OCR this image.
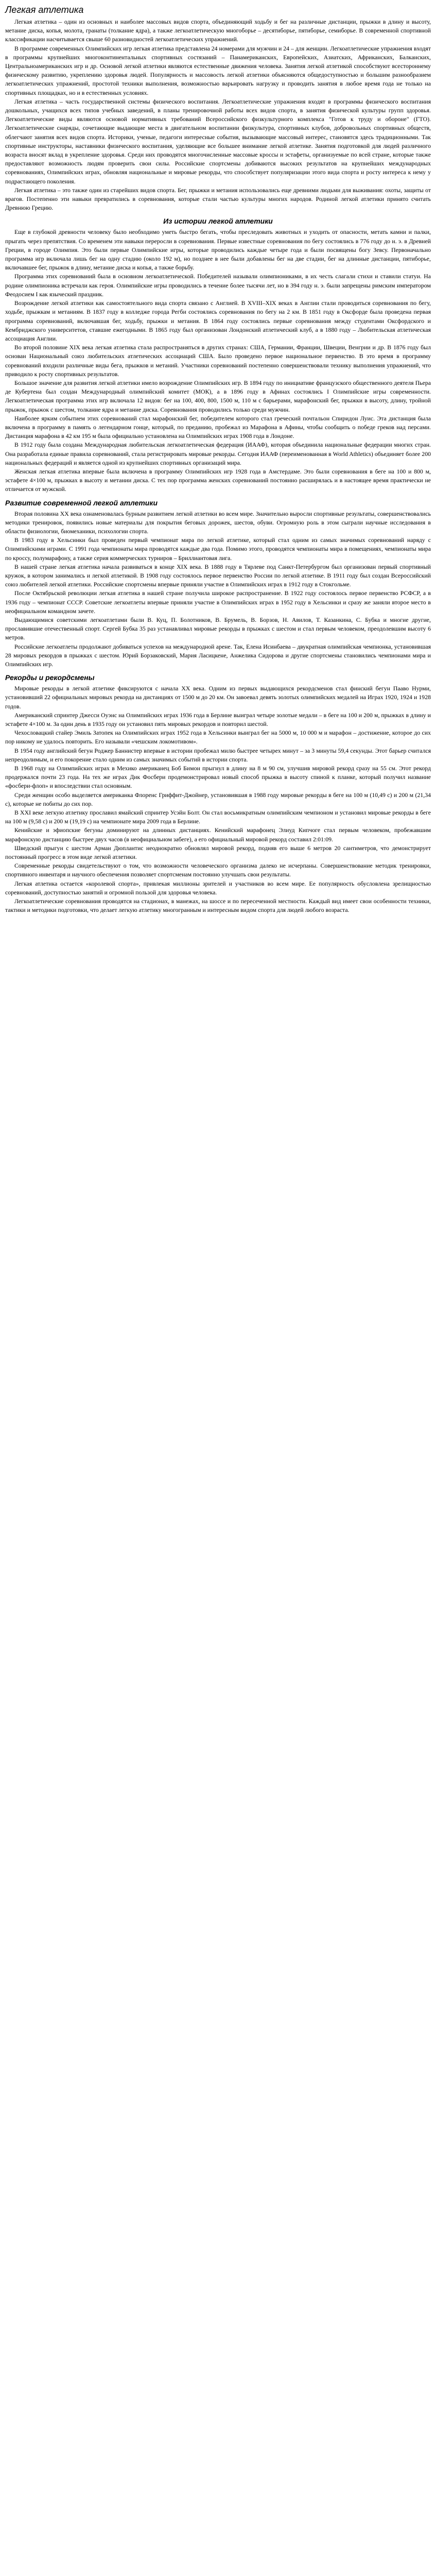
Легкая атлетика

Легкая атлетика – один из основных и наиболее массовых видов спорта, объединяющий ходьбу и бег на различные дистанции, прыжки в длину и высоту, метание диска, копья, молота, гранаты (толкание ядра), а также легкоатлетическую многоборье – десятиборье, пятиборье, семиборье. В современной спортивной классификации насчитывается свыше 60 разновидностей легкоатлетических упражнений.

В программе современных Олимпийских игр легкая атлетика представлена 24 номерами для мужчин и 24 – для женщин. Легкоатлетические упражнения входят в программы крупнейших многоконтинентальных спортивных состязаний – Панамериканских, Европейских, Азиатских, Африканских, Балканских, Центральноамериканских игр и др. Основой легкой атлетики являются естественные движения человека. Занятия легкой атлетикой способствуют всестороннему физическому развитию, укреплению здоровья людей. Популярность и массовость легкой атлетики объясняются общедоступностью и большим разнообразием легкоатлетических упражнений, простотой техники выполнения, возможностью варьировать нагрузку и проводить занятия в любое время года не только на спортивных площадках, но и в естественных условиях.

Легкая атлетика – часть государственной системы физического воспитания. Легкоатлетические упражнения входят в программы физического воспитания дошкольных, учащихся всех типов учебных заведений, в планы тренировочной работы всех видов спорта, в занятия физической культуры групп здоровья. Легкоатлетические виды являются основой нормативных требований Всероссийского физкультурного комплекса "Готов к труду и обороне" (ГТО). Легкоатлетические снаряды, сочетающие выдающие места в двигательном воспитании физкультура, спортивных клубов, добровольных спортивных обществ, облегчают занятия всех видов спорта. Историки, ученые, педагоги интересные события, вызывающие массовый интерес, становятся здесь традиционными. Так спортивные инструкторы, наставники физического воспитания, уделяющие все большее внимание легкой атлетике. Занятия подготовкой для людей различного возраста вносят вклад в укрепление здоровья. Среди них проводятся многочисленные массовые кроссы и эстафеты, организуемые по всей стране, которые также предоставляют возможность людям проверить свои силы. Российские спортсмены добиваются высоких результатов на крупнейших международных соревнованиях, Олимпийских играх, обновляя национальные и мировые рекорды, что способствует популяризации этого вида спорта и росту интереса к нему у подрастающего поколения.

Легкая атлетика – это также один из старейших видов спорта. Бег, прыжки и метания использовались еще древними людьми для выживания: охоты, защиты от врагов. Постепенно эти навыки превратились в соревнования, которые стали частью культуры многих народов. Родиной легкой атлетики принято считать Древнюю Грецию.

Из истории легкой атлетики

Еще в глубокой древности человеку было необходимо уметь быстро бегать, чтобы преследовать животных и уходить от опасности, метать камни и палки, прыгать через препятствия. Со временем эти навыки переросли в соревнования. Первые известные соревнования по бегу состоялись в 776 году до н. э. в Древней Греции, в городе Олимпия. Это были первые Олимпийские игры, которые проводились каждые четыре года и были посвящены богу Зевсу. Первоначально программа игр включала лишь бег на одну стадию (около 192 м), но позднее в нее были добавлены бег на две стадии, бег на длинные дистанции, пятиборье, включавшее бег, прыжок в длину, метание диска и копья, а также борьбу.

Программа этих соревнований была в основном легкоатлетической. Победителей называли олимпиониками, в их честь слагали стихи и ставили статуи. На родине олимпионика встречали как героя. Олимпийские игры проводились в течение более тысячи лет, но в 394 году н. э. были запрещены римским императором Феодосием I как языческий праздник.

Возрождение легкой атлетики как самостоятельного вида спорта связано с Англией. В XVIII–XIX веках в Англии стали проводиться соревнования по бегу, ходьбе, прыжкам и метаниям. В 1837 году в колледже города Регби состоялись соревнования по бегу на 2 км. В 1851 году в Оксфорде была проведена первая программа соревнований, включавшая бег, ходьбу, прыжки и метания. В 1864 году состоялись первые соревнования между студентами Оксфордского и Кембриджского университетов, ставшие ежегодными. В 1865 году был организован Лондонский атлетический клуб, а в 1880 году – Любительская атлетическая ассоциация Англии.

Во второй половине XIX века легкая атлетика стала распространяться в других странах: США, Германии, Франции, Швеции, Венгрии и др. В 1876 году был основан Национальный союз любительских атлетических ассоциаций США. Было проведено первое национальное первенство. В это время в программу соревнований входили различные виды бега, прыжков и метаний. Участники соревнований постепенно совершенствовали технику выполнения упражнений, что приводило к росту спортивных результатов.

Большое значение для развития легкой атлетики имело возрождение Олимпийских игр. В 1894 году по инициативе французского общественного деятеля Пьера де Кубертена был создан Международный олимпийский комитет (МОК), а в 1896 году в Афинах состоялись I Олимпийские игры современности. Легкоатлетическая программа этих игр включала 12 видов: бег на 100, 400, 800, 1500 м, 110 м с барьерами, марафонский бег, прыжки в высоту, длину, тройной прыжок, прыжок с шестом, толкание ядра и метание диска. Соревнования проводились только среди мужчин.

Наиболее ярким событием этих соревнований стал марафонский бег, победителем которого стал греческий почтальон Спиридон Луис. Эта дистанция была включена в программу в память о легендарном гонце, который, по преданию, пробежал из Марафона в Афины, чтобы сообщить о победе греков над персами. Дистанция марафона в 42 км 195 м была официально установлена на Олимпийских играх 1908 года в Лондоне.

В 1912 году была создана Международная любительская легкоатлетическая федерация (ИААФ), которая объединила национальные федерации многих стран. Она разработала единые правила соревнований, стала регистрировать мировые рекорды. Сегодня ИААФ (переименованная в World Athletics) объединяет более 200 национальных федераций и является одной из крупнейших спортивных организаций мира.

Женская легкая атлетика впервые была включена в программу Олимпийских игр 1928 года в Амстердаме. Это были соревнования в беге на 100 и 800 м, эстафете 4×100 м, прыжках в высоту и метании диска. С тех пор программа женских соревнований постоянно расширялась и в настоящее время практически не отличается от мужской.

Развитие современной легкой атлетики

Вторая половина XX века ознаменовалась бурным развитием легкой атлетики во всем мире. Значительно выросли спортивные результаты, совершенствовались методики тренировок, появились новые материалы для покрытия беговых дорожек, шестов, обуви. Огромную роль в этом сыграли научные исследования в области физиологии, биомеханики, психологии спорта.

В 1983 году в Хельсинки был проведен первый чемпионат мира по легкой атлетике, который стал одним из самых значимых соревнований наряду с Олимпийскими играми. С 1991 года чемпионаты мира проводятся каждые два года. Помимо этого, проводятся чемпионаты мира в помещениях, чемпионаты мира по кроссу, полумарафону, а также серия коммерческих турниров – Бриллиантовая лига.

В нашей стране легкая атлетика начала развиваться в конце XIX века. В 1888 году в Тярлеве под Санкт-Петербургом был организован первый спортивный кружок, в котором занимались и легкой атлетикой. В 1908 году состоялось первое первенство России по легкой атлетике. В 1911 году был создан Всероссийский союз любителей легкой атлетики. Российские спортсмены впервые приняли участие в Олимпийских играх в 1912 году в Стокгольме.

После Октябрьской революции легкая атлетика в нашей стране получила широкое распространение. В 1922 году состоялось первое первенство РСФСР, а в 1936 году – чемпионат СССР. Советские легкоатлеты впервые приняли участие в Олимпийских играх в 1952 году в Хельсинки и сразу же заняли второе место в неофициальном командном зачете.

Выдающимися советскими легкоатлетами были В. Куц, П. Болотников, В. Брумель, В. Борзов, Н. Авилов, Т. Казанкина, С. Бубка и многие другие, прославившие отечественный спорт. Сергей Бубка 35 раз устанавливал мировые рекорды в прыжках с шестом и стал первым человеком, преодолевшим высоту 6 метров.

Российские легкоатлеты продолжают добиваться успехов на международной арене. Так, Елена Исинбаева – двукратная олимпийская чемпионка, установившая 28 мировых рекордов в прыжках с шестом. Юрий Борзаковский, Мария Ласицкене, Анжелика Сидорова и другие спортсмены становились чемпионами мира и Олимпийских игр.

Рекорды и рекордсмены

Мировые рекорды в легкой атлетике фиксируются с начала XX века. Одним из первых выдающихся рекордсменов стал финский бегун Пааво Нурми, установивший 22 официальных мировых рекорда на дистанциях от 1500 м до 20 км. Он завоевал девять золотых олимпийских медалей на Играх 1920, 1924 и 1928 годов.

Американский спринтер Джесси Оуэнс на Олимпийских играх 1936 года в Берлине выиграл четыре золотые медали – в беге на 100 и 200 м, прыжках в длину и эстафете 4×100 м. За один день в 1935 году он установил пять мировых рекордов и повторил шестой.

Чехословацкий стайер Эмиль Затопек на Олимпийских играх 1952 года в Хельсинки выиграл бег на 5000 м, 10 000 м и марафон – достижение, которое до сих пор никому не удалось повторить. Его называли «чешским локомотивом».

В 1954 году английский бегун Роджер Баннистер впервые в истории пробежал милю быстрее четырех минут – за 3 минуты 59,4 секунды. Этот барьер считался непреодолимым, и его покорение стало одним из самых значимых событий в истории спорта.

В 1968 году на Олимпийских играх в Мехико американец Боб Бимон прыгнул в длину на 8 м 90 см, улучшив мировой рекорд сразу на 55 см. Этот рекорд продержался почти 23 года. На тех же играх Дик Фосбери продемонстрировал новый способ прыжка в высоту спиной к планке, который получил название «фосбери-флоп» и впоследствии стал основным.

Среди женщин особо выделяется американка Флоренс Гриффит-Джойнер, установившая в 1988 году мировые рекорды в беге на 100 м (10,49 с) и 200 м (21,34 с), которые не побиты до сих пор.

В XXI веке легкую атлетику прославил ямайский спринтер Усэйн Болт. Он стал восьмикратным олимпийским чемпионом и установил мировые рекорды в беге на 100 м (9,58 с) и 200 м (19,19 с) на чемпионате мира 2009 года в Берлине.

Кенийские и эфиопские бегуны доминируют на длинных дистанциях. Кенийский марафонец Элиуд Кипчоге стал первым человеком, пробежавшим марафонскую дистанцию быстрее двух часов (в неофициальном забеге), а его официальный мировой рекорд составил 2:01:09.

Шведский прыгун с шестом Арман Дюплантис неоднократно обновлял мировой рекорд, подняв его выше 6 метров 20 сантиметров, что демонстрирует постоянный прогресс в этом виде легкой атлетики.

Современные рекорды свидетельствуют о том, что возможности человеческого организма далеко не исчерпаны. Совершенствование методик тренировки, спортивного инвентаря и научного обеспечения позволяет спортсменам постоянно улучшать свои результаты.

Легкая атлетика остается «королевой спорта», привлекая миллионы зрителей и участников во всем мире. Ее популярность обусловлена зрелищностью соревнований, доступностью занятий и огромной пользой для здоровья человека.

Легкоатлетические соревнования проводятся на стадионах, в манежах, на шоссе и по пересеченной местности. Каждый вид имеет свои особенности техники, тактики и методики подготовки, что делает легкую атлетику многогранным и интересным видом спорта для людей любого возраста.
